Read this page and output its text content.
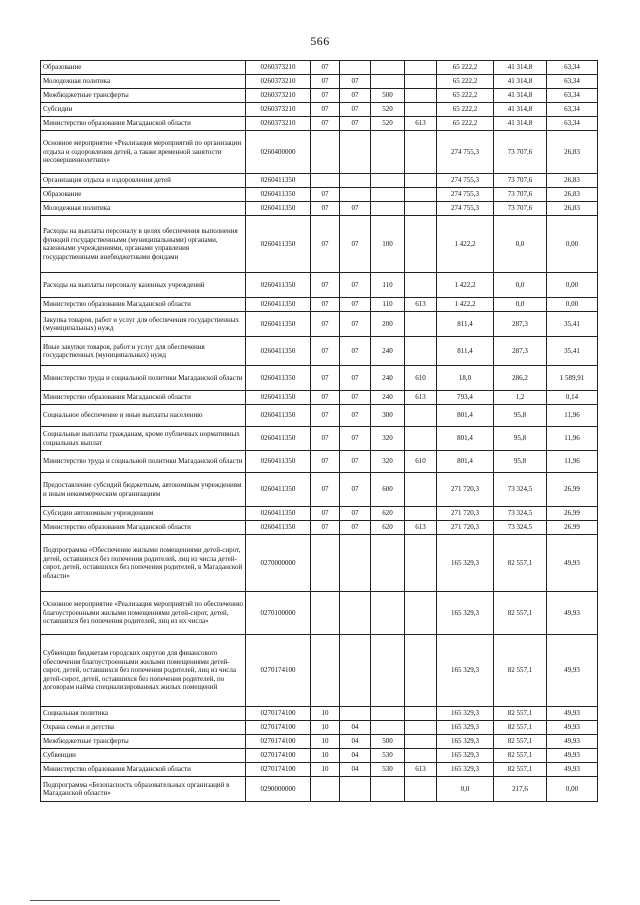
566
Образование	0260373210	07				65 222,2	41 314,8	63,34
Молодежная политика	0260373210	07	07			65 222,2	41 314,8	63,34
Межбюджетные трансферты	0260373210	07	07	500		65 222,2	41 314,8	63,34
Субсидии	0260373210	07	07	520		65 222,2	41 314,8	63,34
Министерство образования Магаданской области	0260373210	07	07	520	613	65 222,2	41 314,8	63,34
Основное мероприятие «Реализация мероприятий по организации отдыха и оздоровления детей, а также временной занятости несовершеннолетних»	0260400000					274 755,3	73 707,6	26,83
Организация отдыха и оздоровления детей	0260411350					274 755,3	73 707,6	26,83
Образование	0260411350	07				274 755,3	73 707,6	26,83
Молодежная политика	0260411350	07	07			274 755,3	73 707,6	26,83
Расходы на выплаты персоналу в целях обеспечения выполнения функций государственными (муниципальными) органами, казенными учреждениями, органами управления государственными внебюджетными фондами	0260411350	07	07	100		1 422,2	0,0	0,00
Расходы на выплаты персоналу казенных учреждений	0260411350	07	07	110		1 422,2	0,0	0,00
Министерство образования Магаданской области	0260411350	07	07	110	613	1 422,2	0,0	0,00
Закупка товаров, работ и услуг для обеспечения государственных (муниципальных) нужд	0260411350	07	07	200		811,4	287,3	35,41
Иные закупки товаров, работ и услуг для обеспечения государственных (муниципальных) нужд	0260411350	07	07	240		811,4	287,3	35,41
Министерство труда и социальной политики Магаданской области	0260411350	07	07	240	610	18,0	286,2	1 589,91
Министерство образования Магаданской области	0260411350	07	07	240	613	793,4	1,2	0,14
Социальное обеспечение и иные выплаты населению	0260411350	07	07	300		801,4	95,8	11,96
Социальные выплаты гражданам, кроме публичных нормативных социальных выплат	0260411350	07	07	320		801,4	95,8	11,96
Министерство труда и социальной политики Магаданской области	0260411350	07	07	320	610	801,4	95,8	11,96
Предоставление субсидий бюджетным, автономным учреждениям и иным некоммерческим организациям	0260411350	07	07	600		271 720,3	73 324,5	26,99
Субсидии автономным учреждениям	0260411350	07	07	620		271 720,3	73 324,5	26,99
Министерство образования Магаданской области	0260411350	07	07	620	613	271 720,3	73 324,5	26,99
Подпрограмма «Обеспечение жилыми помещениями детей-сирот, детей, оставшихся без попечения родителей, лиц из числа детей-сирот, детей, оставшихся без попечения родителей, в Магаданской области»	0270000000					165 329,3	82 557,1	49,93
Основное мероприятие «Реализация мероприятий по обеспечению благоустроенными жилыми помещениями детей-сирот, детей, оставшихся без попечения родителей, лиц из их числа»	0270100000					165 329,3	82 557,1	49,93
Субвенции бюджетам городских округов для финансового обеспечения благоустроенными жилыми помещениями детей-сирот, детей, оставшихся без попечения родителей, лиц из числа детей-сирот, детей, оставшихся без попечения родителей, по договорам найма специализированных жилых помещений	0270174100					165 329,3	82 557,1	49,93
Социальная политика	0270174100	10				165 329,3	82 557,1	49,93
Охрана семьи и детства	0270174100	10	04			165 329,3	82 557,1	49,93
Межбюджетные трансферты	0270174100	10	04	500		165 329,3	82 557,1	49,93
Субвенции	0270174100	10	04	530		165 329,3	82 557,1	49,93
Министерство образования Магаданской области	0270174100	10	04	530	613	165 329,3	82 557,1	49,93
Подпрограмма «Безопасность образовательных организаций в Магаданской области»	0290000000					0,0	217,6	0,00
